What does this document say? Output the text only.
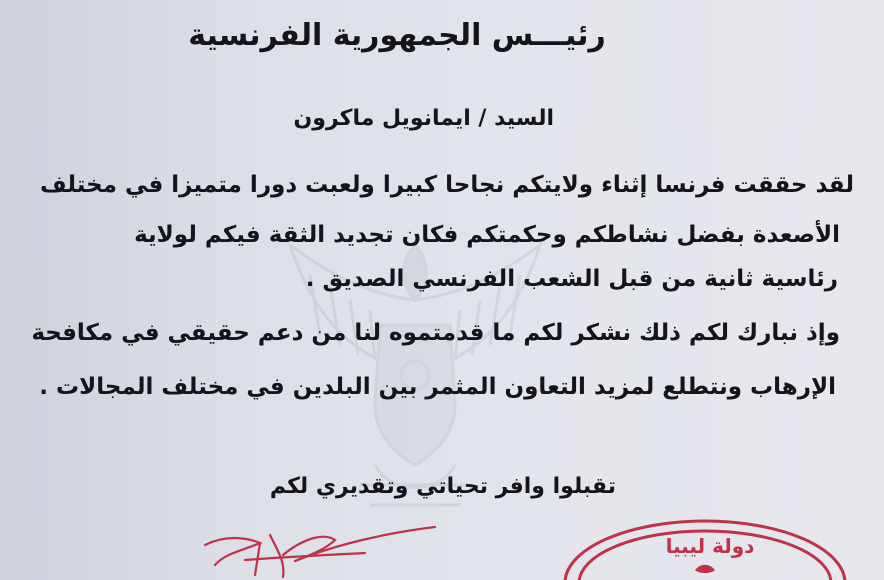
رئيـــس الجمهورية الفرنسية
السيد / ايمانويل ماكرون
لقد حققت فرنسا إثناء ولايتكم نجاحا كبيرا ولعبت دورا متميزا في مختلف
الأصعدة بفضل نشاطكم وحكمتكم فكان تجديد الثقة فيكم لولاية
رئاسية ثانية من قبل الشعب الفرنسي الصديق .
وإذ نبارك لكم ذلك نشكر لكم ما قدمتموه لنا من دعم حقيقي في مكافحة
الإرهاب ونتطلع لمزيد التعاون المثمر بين البلدين في مختلف المجالات .
تقبلوا وافر تحياتي وتقديري لكم
دولة ليبيا
